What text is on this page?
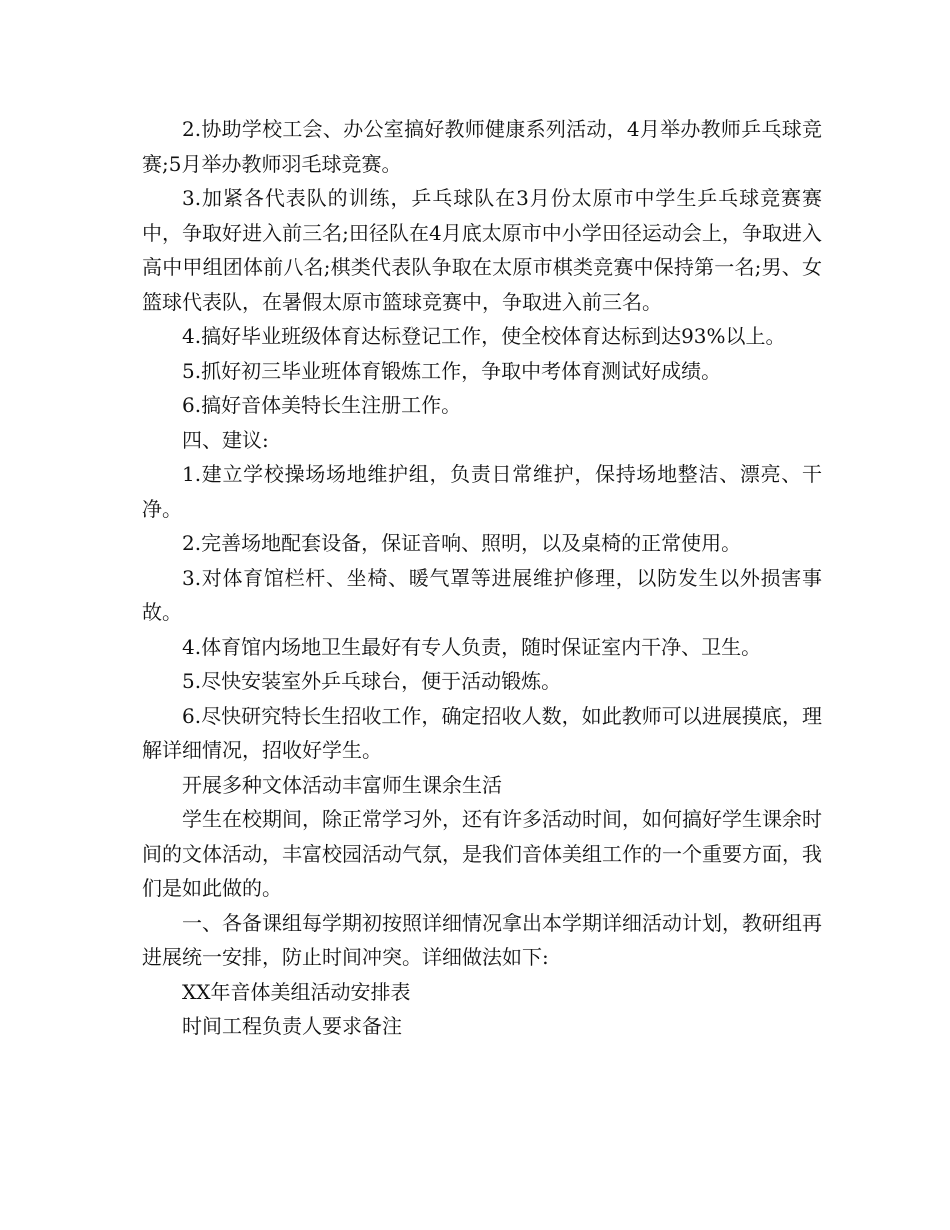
2.协助学校工会、办公室搞好教师健康系列活动，4月举办教师乒乓球竞赛;5月举办教师羽毛球竞赛。

3.加紧各代表队的训练，乒乓球队在3月份太原市中学生乒乓球竞赛赛中，争取好进入前三名;田径队在4月底太原市中小学田径运动会上，争取进入高中甲组团体前八名;棋类代表队争取在太原市棋类竞赛中保持第一名;男、女篮球代表队，在暑假太原市篮球竞赛中，争取进入前三名。

4.搞好毕业班级体育达标登记工作，使全校体育达标到达93%以上。

5.抓好初三毕业班体育锻炼工作，争取中考体育测试好成绩。

6.搞好音体美特长生注册工作。

四、建议:

1.建立学校操场场地维护组，负责日常维护，保持场地整洁、漂亮、干净。

2.完善场地配套设备，保证音响、照明，以及桌椅的正常使用。

3.对体育馆栏杆、坐椅、暖气罩等进展维护修理，以防发生以外损害事故。

4.体育馆内场地卫生最好有专人负责，随时保证室内干净、卫生。

5.尽快安装室外乒乓球台，便于活动锻炼。

6.尽快研究特长生招收工作，确定招收人数，如此教师可以进展摸底，理解详细情况，招收好学生。

开展多种文体活动丰富师生课余生活

学生在校期间，除正常学习外，还有许多活动时间，如何搞好学生课余时间的文体活动，丰富校园活动气氛，是我们音体美组工作的一个重要方面，我们是如此做的。

一、各备课组每学期初按照详细情况拿出本学期详细活动计划，教研组再进展统一安排，防止时间冲突。详细做法如下:

XX年音体美组活动安排表

时间工程负责人要求备注
